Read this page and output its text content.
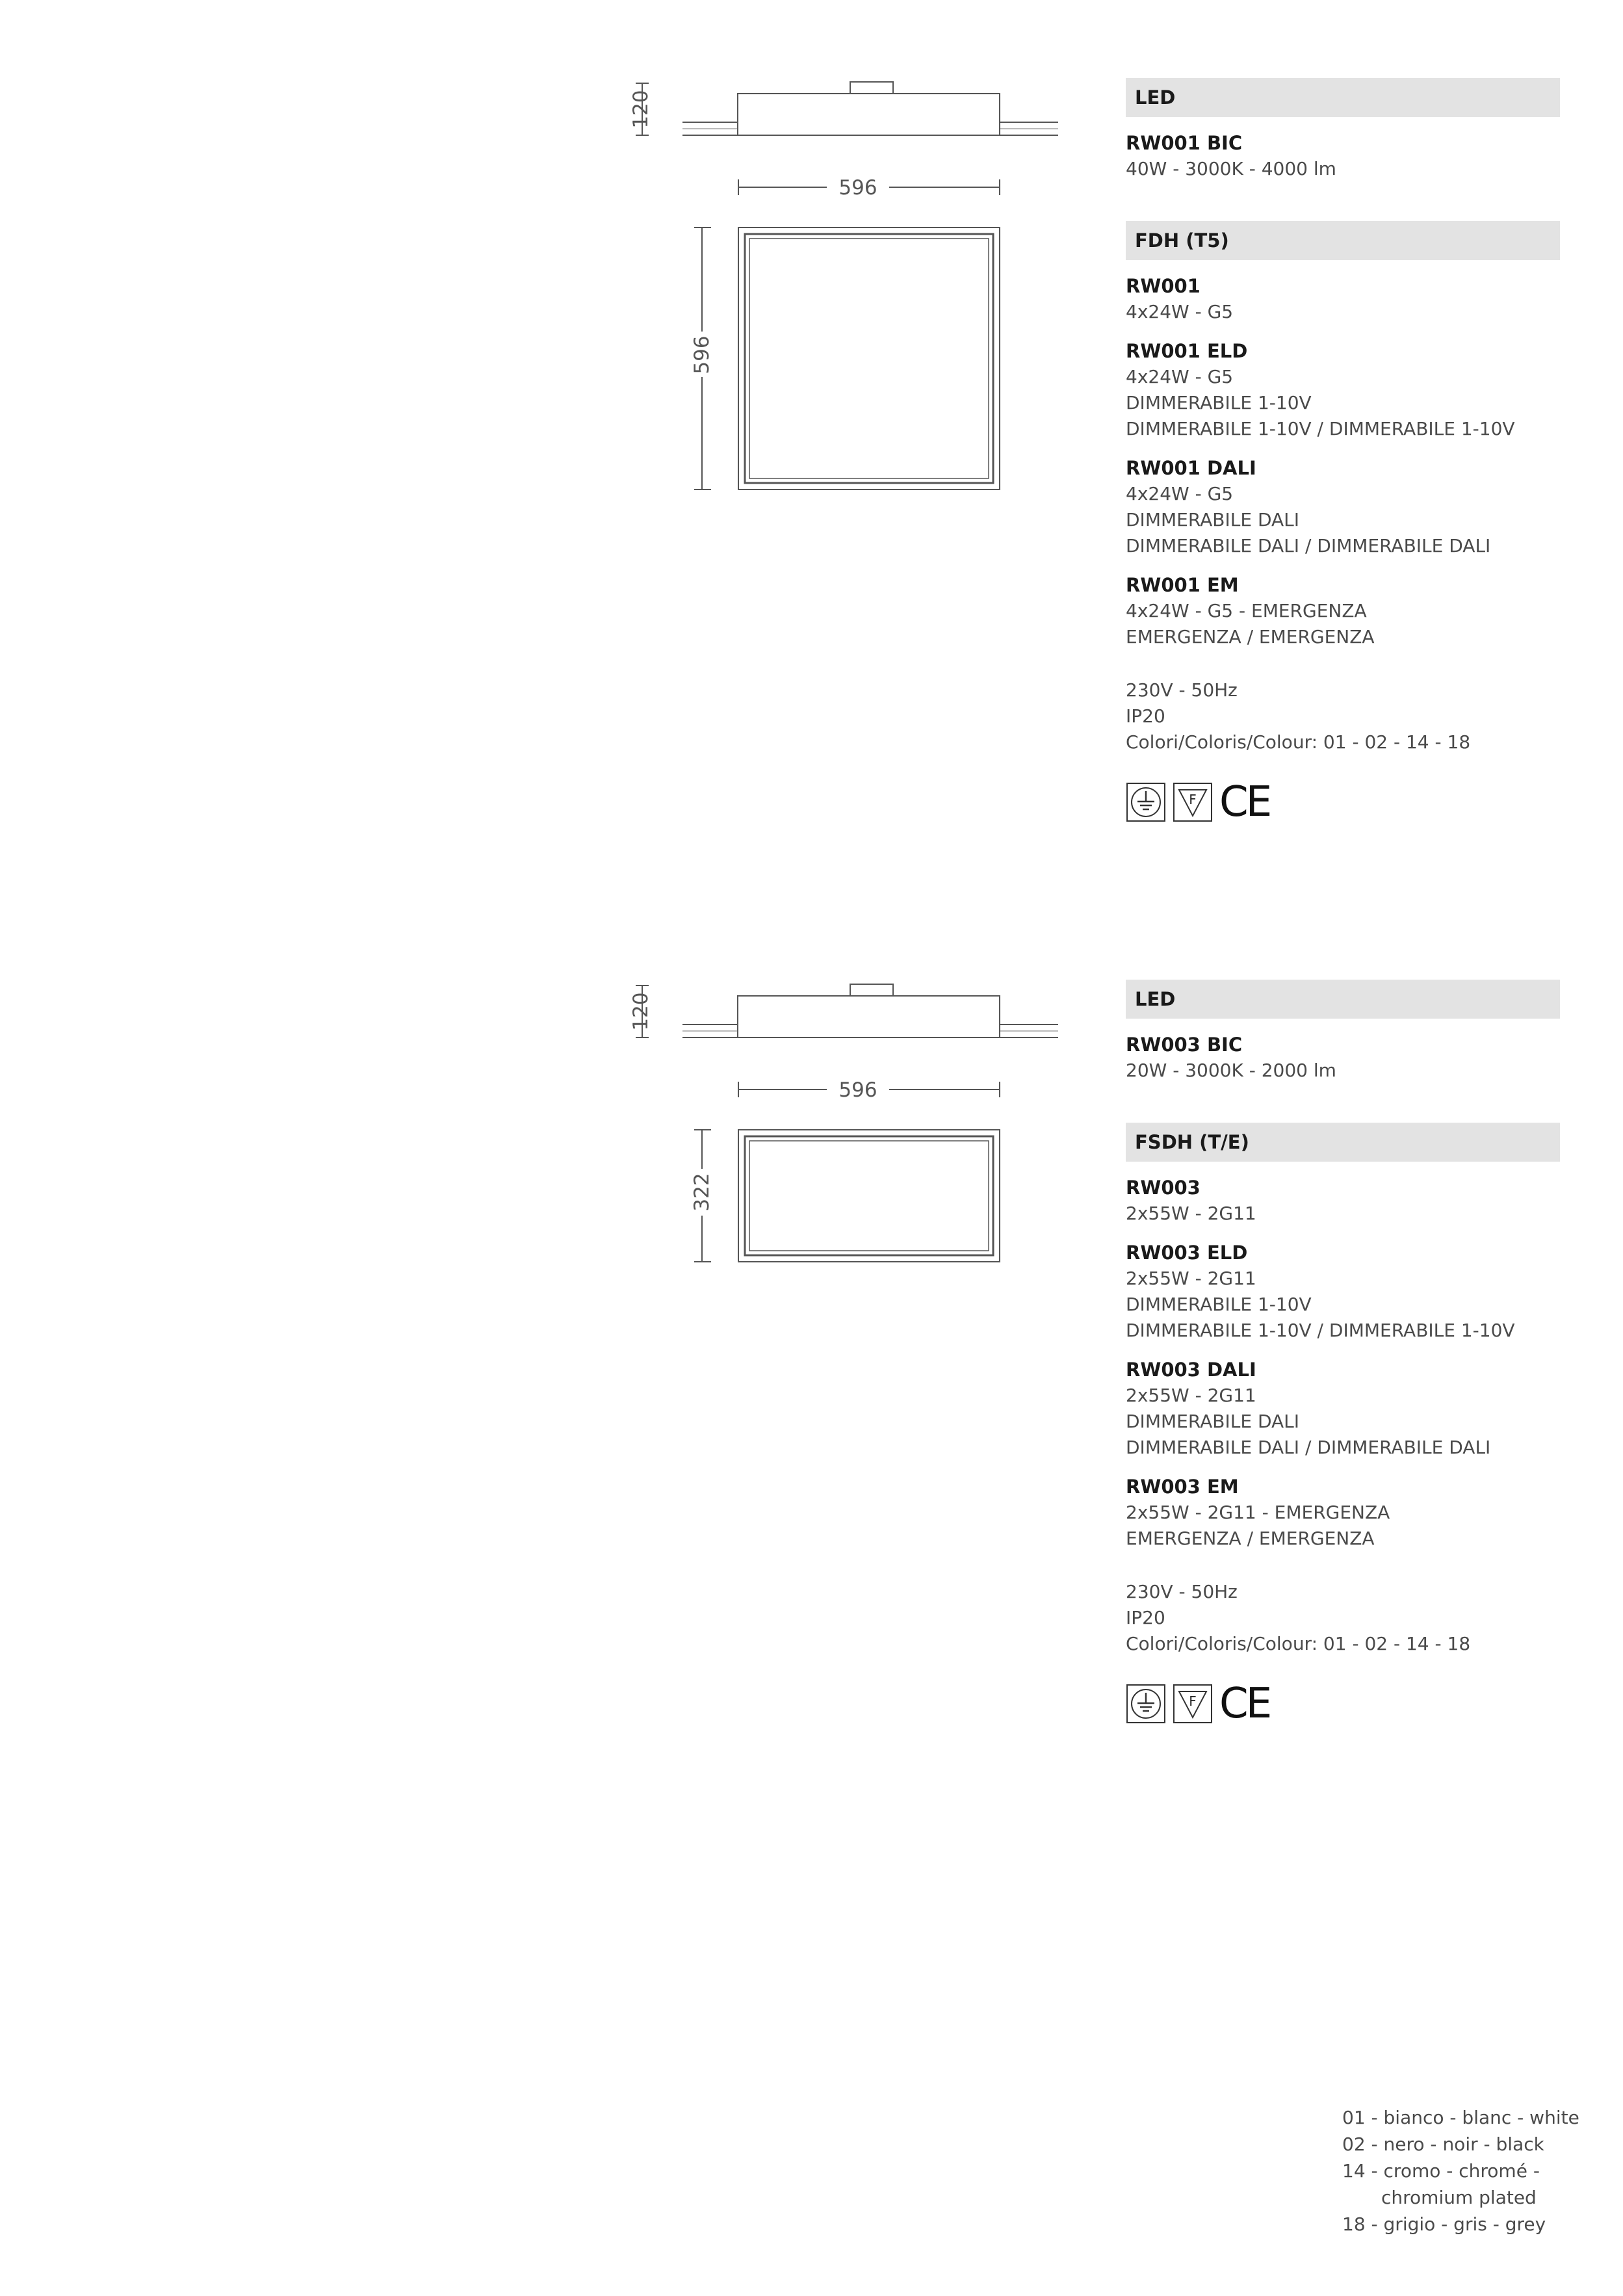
120
596
596
LED
RW001 BIC
40W - 3000K - 4000 lm
FDH (T5)
RW001
4x24W - G5
RW001 ELD
4x24W - G5
DIMMERABILE 1-10V
DIMMERABILE 1-10V / DIMMERABILE 1-10V
RW001 DALI
4x24W - G5
DIMMERABILE DALI
DIMMERABILE DALI / DIMMERABILE DALI
RW001 EM
4x24W - G5 - EMERGENZA
EMERGENZA / EMERGENZA
230V - 50Hz
IP20
Colori/Coloris/Colour: 01 - 02 - 14 - 18
F CE
120
596
322
LED
RW003 BIC
20W - 3000K - 2000 lm
FSDH (T/E)
RW003
2x55W - 2G11
RW003 ELD
2x55W - 2G11
DIMMERABILE 1-10V
DIMMERABILE 1-10V / DIMMERABILE 1-10V
RW003 DALI
2x55W - 2G11
DIMMERABILE DALI
DIMMERABILE DALI / DIMMERABILE DALI
RW003 EM
2x55W - 2G11 - EMERGENZA
EMERGENZA / EMERGENZA
230V - 50Hz
IP20
Colori/Coloris/Colour: 01 - 02 - 14 - 18
F CE
01 - bianco - blanc - white
02 - nero - noir - black
14 - cromo - chromé -
chromium plated
18 - grigio - gris - grey
